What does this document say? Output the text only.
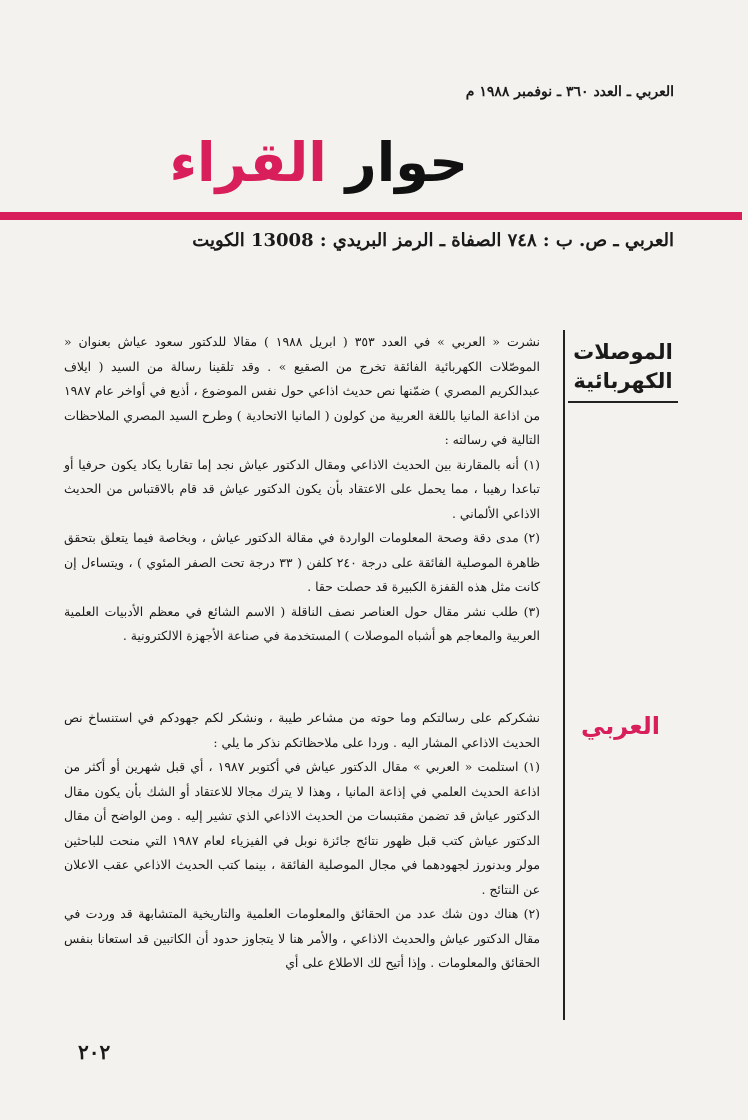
العربي ـ العدد ٣٦٠ ـ نوفمبر ١٩٨٨ م
حوار القراء
العربي ـ ص. ب : ٧٤٨ الصفاة ـ الرمز البريدي : 13008 الكويت
الموصلات
الكهربائية
العربي

نشرت « العربي » في العدد ٣٥٣ ( ابريل ١٩٨٨ ) مقالا للدكتور سعود عياش بعنوان « الموصّلات الكهربائية الفائقة تخرج من الصقيع » . وقد تلقينا رسالة من السيد ( ايلاف عبدالكريم المصري ) ضمّنها نص حديث اذاعي حول نفس الموضوع ، أذيع في أواخر عام ١٩٨٧ من اذاعة المانيا باللغة العربية من كولون ( المانيا الاتحادية ) وطرح السيد المصري الملاحظات التالية في رسالته :

(١) أنه بالمقارنة بين الحديث الاذاعي ومقال الدكتور عياش نجد إما تقاربا يكاد يكون حرفيا أو تباعدا رهيبا ، مما يحمل على الاعتقاد بأن يكون الدكتور عياش قد قام بالاقتباس من الحديث الاذاعي الألماني .

(٢) مدى دقة وصحة المعلومات الواردة في مقالة الدكتور عياش ، وبخاصة فيما يتعلق بتحقق ظاهرة الموصلية الفائقة على درجة ٢٤٠ كلفن ( ٣٣ درجة تحت الصفر المئوي ) ، ويتساءل إن كانت مثل هذه القفزة الكبيرة قد حصلت حقا .

(٣) طلب نشر مقال حول العناصر نصف الناقلة ( الاسم الشائع في معظم الأدبيات العلمية العربية والمعاجم هو أشباه الموصلات ) المستخدمة في صناعة الأجهزة الالكترونية .

نشكركم على رسالتكم وما حوته من مشاعر طيبة ، ونشكر لكم جهودكم في استنساخ نص الحديث الاذاعي المشار اليه . وردا على ملاحظاتكم نذكر ما يلي :

(١) استلمت « العربي » مقال الدكتور عياش في أكتوبر ١٩٨٧ ، أي قبل شهرين أو أكثر من اذاعة الحديث العلمي في إذاعة المانيا ، وهذا لا يترك مجالا للاعتقاد أو الشك بأن يكون مقال الدكتور عياش قد تضمن مقتبسات من الحديث الاذاعي الذي تشير إليه . ومن الواضح أن مقال الدكتور عياش كتب قبل ظهور نتائج جائزة نوبل في الفيزياء لعام ١٩٨٧ التي منحت للباحثين مولر وبدنورز لجهودهما في مجال الموصلية الفائقة ، بينما كتب الحديث الاذاعي عقب الاعلان عن النتائج .

(٢) هناك دون شك عدد من الحقائق والمعلومات العلمية والتاريخية المتشابهة قد وردت في مقال الدكتور عياش والحديث الاذاعي ، والأمر هنا لا يتجاوز حدود أن الكاتبين قد استعانا بنفس الحقائق والمعلومات . وإذا أتيح لك الاطلاع على أي

٢٠٢
